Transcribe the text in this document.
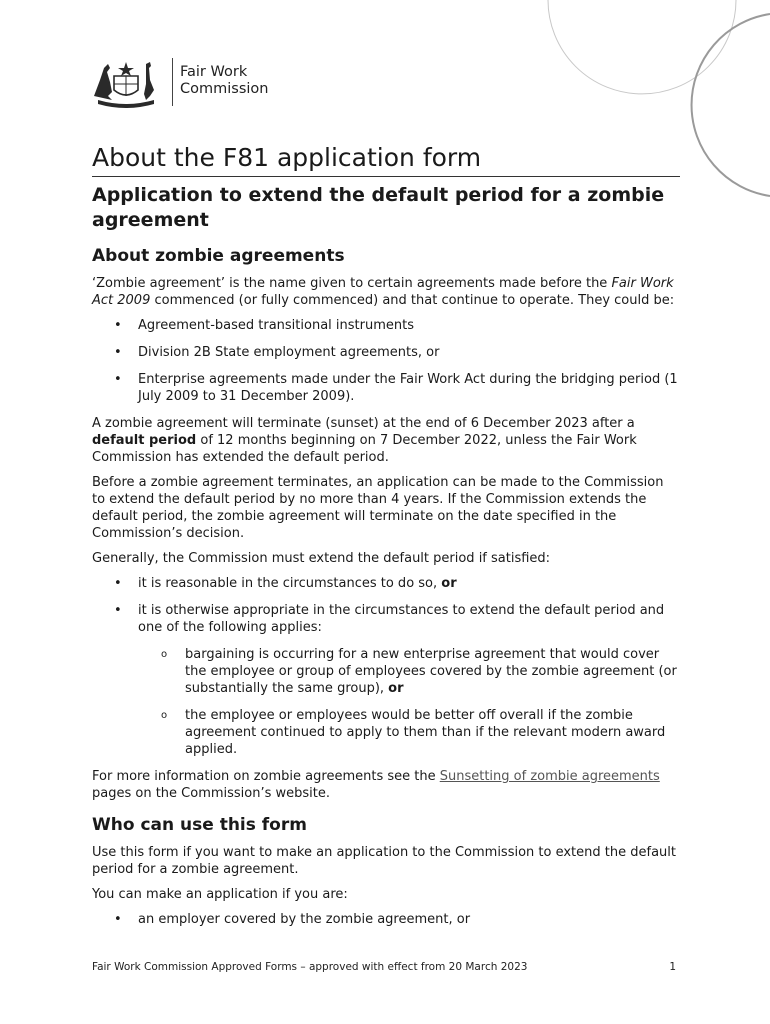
Fair Work
Commission
About the F81 application form
Application to extend the default period for a zombie agreement
About zombie agreements

‘Zombie agreement’ is the name given to certain agreements made before the Fair Work Act 2009 commenced (or fully commenced) and that continue to operate. They could be:

• Agreement-based transitional instruments
• Division 2B State employment agreements, or
• Enterprise agreements made under the Fair Work Act during the bridging period (1 July 2009 to 31 December 2009).

A zombie agreement will terminate (sunset) at the end of 6 December 2023 after a default period of 12 months beginning on 7 December 2022, unless the Fair Work Commission has extended the default period.

Before a zombie agreement terminates, an application can be made to the Commission to extend the default period by no more than 4 years. If the Commission extends the default period, the zombie agreement will terminate on the date specified in the Commission’s decision.

Generally, the Commission must extend the default period if satisfied:

• it is reasonable in the circumstances to do so, or
• it is otherwise appropriate in the circumstances to extend the default period and one of the following applies:
o bargaining is occurring for a new enterprise agreement that would cover the employee or group of employees covered by the zombie agreement (or substantially the same group), or
o the employee or employees would be better off overall if the zombie agreement continued to apply to them than if the relevant modern award applied.

For more information on zombie agreements see the Sunsetting of zombie agreements pages on the Commission’s website.

Who can use this form

Use this form if you want to make an application to the Commission to extend the default period for a zombie agreement.

You can make an application if you are:

• an employer covered by the zombie agreement, or
Fair Work Commission Approved Forms – approved with effect from 20 March 2023	1
